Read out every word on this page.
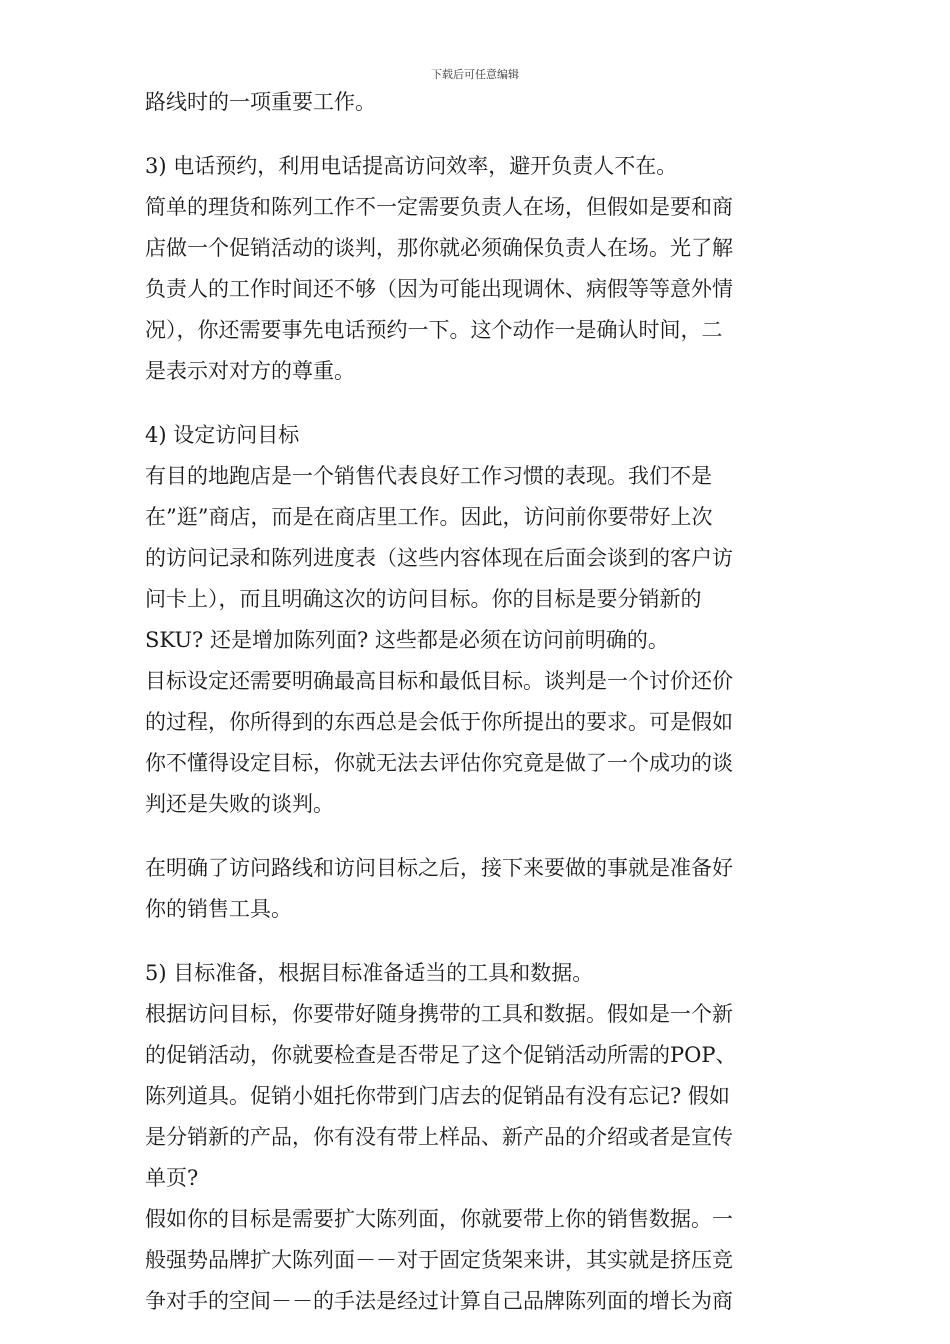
下载后可任意编辑
路线时的一项重要工作。
3) 电话预约，利用电话提高访问效率，避开负责人不在。
简单的理货和陈列工作不一定需要负责人在场，但假如是要和商
店做一个促销活动的谈判，那你就必须确保负责人在场。光了解
负责人的工作时间还不够（因为可能出现调休、病假等等意外情
况），你还需要事先电话预约一下。这个动作一是确认时间，二
是表示对对方的尊重。
4) 设定访问目标
有目的地跑店是一个销售代表良好工作习惯的表现。我们不是
在”逛”商店，而是在商店里工作。因此，访问前你要带好上次
的访问记录和陈列进度表（这些内容体现在后面会谈到的客户访
问卡上），而且明确这次的访问目标。你的目标是要分销新的
SKU? 还是增加陈列面? 这些都是必须在访问前明确的。
目标设定还需要明确最高目标和最低目标。谈判是一个讨价还价
的过程，你所得到的东西总是会低于你所提出的要求。可是假如
你不懂得设定目标，你就无法去评估你究竟是做了一个成功的谈
判还是失败的谈判。
在明确了访问路线和访问目标之后，接下来要做的事就是准备好
你的销售工具。
5) 目标准备，根据目标准备适当的工具和数据。
根据访问目标，你要带好随身携带的工具和数据。假如是一个新
的促销活动，你就要检查是否带足了这个促销活动所需的POP、
陈列道具。促销小姐托你带到门店去的促销品有没有忘记? 假如
是分销新的产品，你有没有带上样品、新产品的介绍或者是宣传
单页?
假如你的目标是需要扩大陈列面，你就要带上你的销售数据。一
般强势品牌扩大陈列面－－对于固定货架来讲，其实就是挤压竞
争对手的空间－－的手法是经过计算自己品牌陈列面的增长为商
